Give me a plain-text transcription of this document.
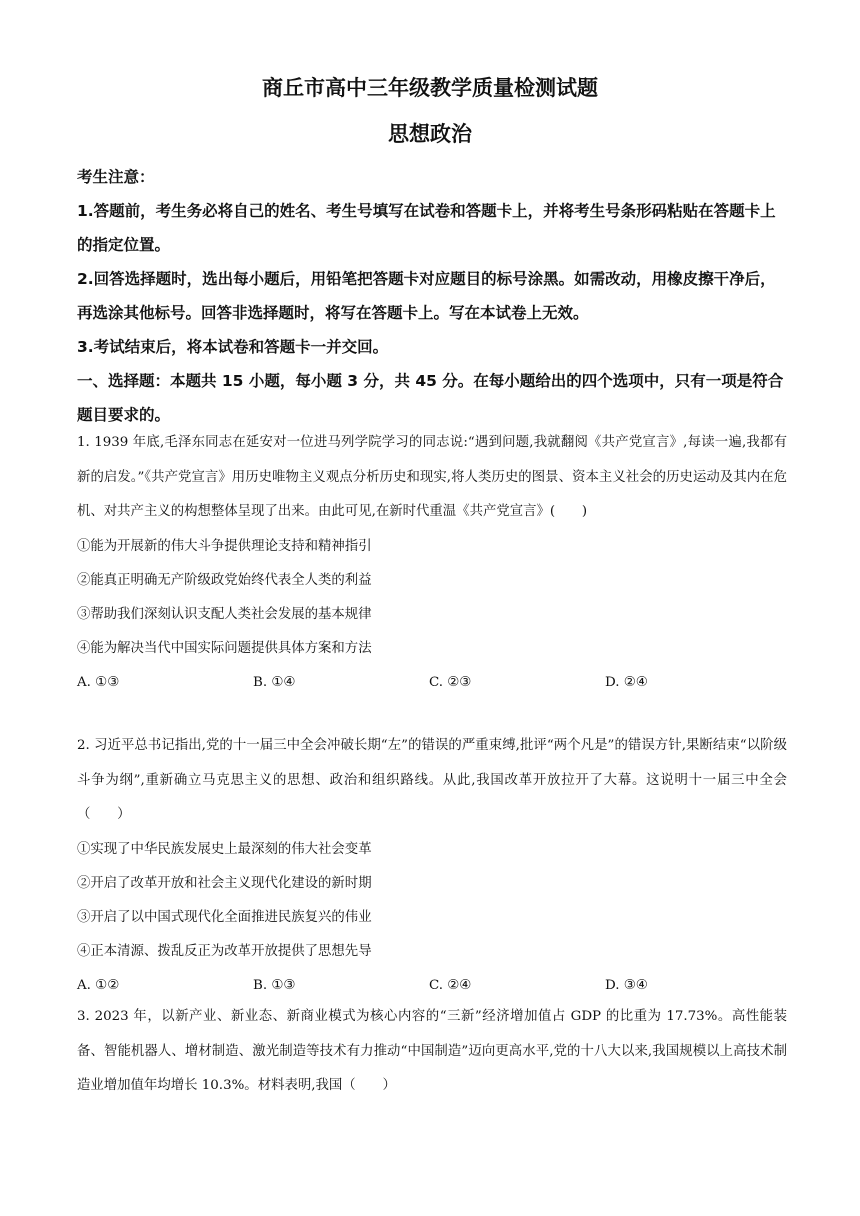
商丘市高中三年级教学质量检测试题
思想政治

考生注意：

1.答题前，考生务必将自己的姓名、考生号填写在试卷和答题卡上，并将考生号条形码粘贴在答题卡上的指定位置。

2.回答选择题时，选出每小题后，用铅笔把答题卡对应题目的标号涂黑。如需改动，用橡皮擦干净后，再选涂其他标号。回答非选择题时，将写在答题卡上。写在本试卷上无效。

3.考试结束后，将本试卷和答题卡一并交回。

一、选择题：本题共 15 小题，每小题 3 分，共 45 分。在每小题给出的四个选项中，只有一项是符合题目要求的。

1. 1939 年底,毛泽东同志在延安对一位进马列学院学习的同志说:“遇到问题,我就翻阅《共产党宣言》,每读一遍,我都有新的启发。”《共产党宣言》用历史唯物主义观点分析历史和现实,将人类历史的图景、资本主义社会的历史运动及其内在危机、对共产主义的构想整体呈现了出来。由此可见,在新时代重温《共产党宣言》(　　)

①能为开展新的伟大斗争提供理论支持和精神指引

②能真正明确无产阶级政党始终代表全人类的利益

③帮助我们深刻认识支配人类社会发展的基本规律

④能为解决当代中国实际问题提供具体方案和方法

A. ①③	B. ①④	C. ②③	D. ②④

2. 习近平总书记指出,党的十一届三中全会冲破长期“左”的错误的严重束缚,批评“两个凡是”的错误方针,果断结束“以阶级斗争为纲”,重新确立马克思主义的思想、政治和组织路线。从此,我国改革开放拉开了大幕。这说明十一届三中全会（　　）

①实现了中华民族发展史上最深刻的伟大社会变革

②开启了改革开放和社会主义现代化建设的新时期

③开启了以中国式现代化全面推进民族复兴的伟业

④正本清源、拨乱反正为改革开放提供了思想先导

A. ①②	B. ①③	C. ②④	D. ③④

3. 2023 年，以新产业、新业态、新商业模式为核心内容的“三新”经济增加值占 GDP 的比重为 17.73%。高性能装备、智能机器人、增材制造、激光制造等技术有力推动“中国制造”迈向更高水平,党的十八大以来,我国规模以上高技术制造业增加值年均增长 10.3%。材料表明,我国（　　）
